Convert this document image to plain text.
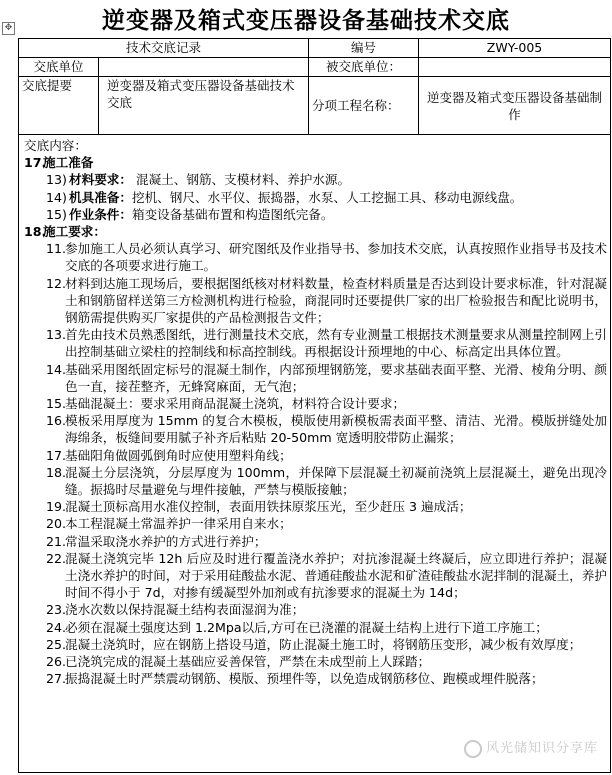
逆变器及箱式变压器设备基础技术交底
✥
技术交底记录		编号	ZWY-005
交底单位		被交底单位：	
交底提要	逆变器及箱式变压器设备基础技术交底	分项工程名称：	逆变器及箱式变压器设备基础制作

交底内容：
17.施工准备
13) 材料要求： 混凝土、钢筋、支模材料、养护水源。
14) 机具准备：挖机、钢尺、水平仪、振捣器，水泵、人工挖掘工具、移动电源线盘。
15) 作业条件：箱变设备基础布置和构造图纸完备。
18.施工要求：
11.
参加施工人员必须认真学习、研究图纸及作业指导书、参加技术交底，认真按照作业指导书及技术交底的各项要求进行施工。
12.
材料到达施工现场后，要根据图纸核对材料数量，检查材料质量是否达到设计要求标准，针对混凝土和钢筋留样送第三方检测机构进行检验，商混同时还要提供厂家的出厂检验报告和配比说明书，钢筋需提供购买厂家提供的产品检测报告文件；
13.
首先由技术员熟悉图纸，进行测量技术交底，然有专业测量工根据技术测量要求从测量控制网上引出控制基础立梁柱的控制线和标高控制线。再根据设计预埋地的中心、标高定出具体位置。
14.
基础采用图纸固定标号的混凝土制作，内部预埋钢筋笼，要求基础表面平整、光滑、棱角分明、颜色一直，接茬整齐，无蜂窝麻面，无气泡；
15.
基础混凝土：要求采用商品混凝土浇筑，材料符合设计要求；
16.
模板采用厚度为 15mm 的复合木模板，模版使用新模板需表面平整、清洁、光滑。模版拼缝处加海绵条，板缝间要用腻子补齐后粘贴 20-50mm 宽透明胶带防止漏浆；
17.
基础阳角做圆弧倒角时应使用塑料角线；
18.
混凝土分层浇筑，分层厚度为 100mm，并保障下层混凝土初凝前浇筑上层混凝土，避免出现冷缝。振捣时尽量避免与埋件接触，严禁与模版接触；
19.
混凝土顶标高用水准仪控制，表面用铁抹原浆压光，至少赶压 3 遍成活；
20.
本工程混凝土常温养护一律采用自来水；
21.
常温采取浇水养护的方式进行养护；
22.
混凝土浇筑完毕 12h 后应及时进行覆盖浇水养护；对抗渗混凝土终凝后，应立即进行养护；混凝土浇水养护的时间，对于采用硅酸盐水泥、普通硅酸盐水泥和矿渣硅酸盐水泥拌制的混凝土，养护时间不得小于 7d，对掺有缓凝型外加剂或有抗渗要求的混凝土为 14d；
23.
浇水次数以保持混凝土结构表面湿润为准；
24.
必须在混凝土强度达到 1.2Mpa以后,方可在已浇灌的混凝土结构上进行下道工序施工；
25.
混凝土浇筑时，应在钢筋上搭设马道，防止混凝土施工时，将钢筋压变形，减少板有效厚度；
26.
已浇筑完成的混凝土基础应妥善保管，严禁在未成型前上人踩踏；
27.
振捣混凝土时严禁震动钢筋、模版、预埋件等，以免造成钢筋移位、跑模或埋件脱落；
风光储知识分享库
